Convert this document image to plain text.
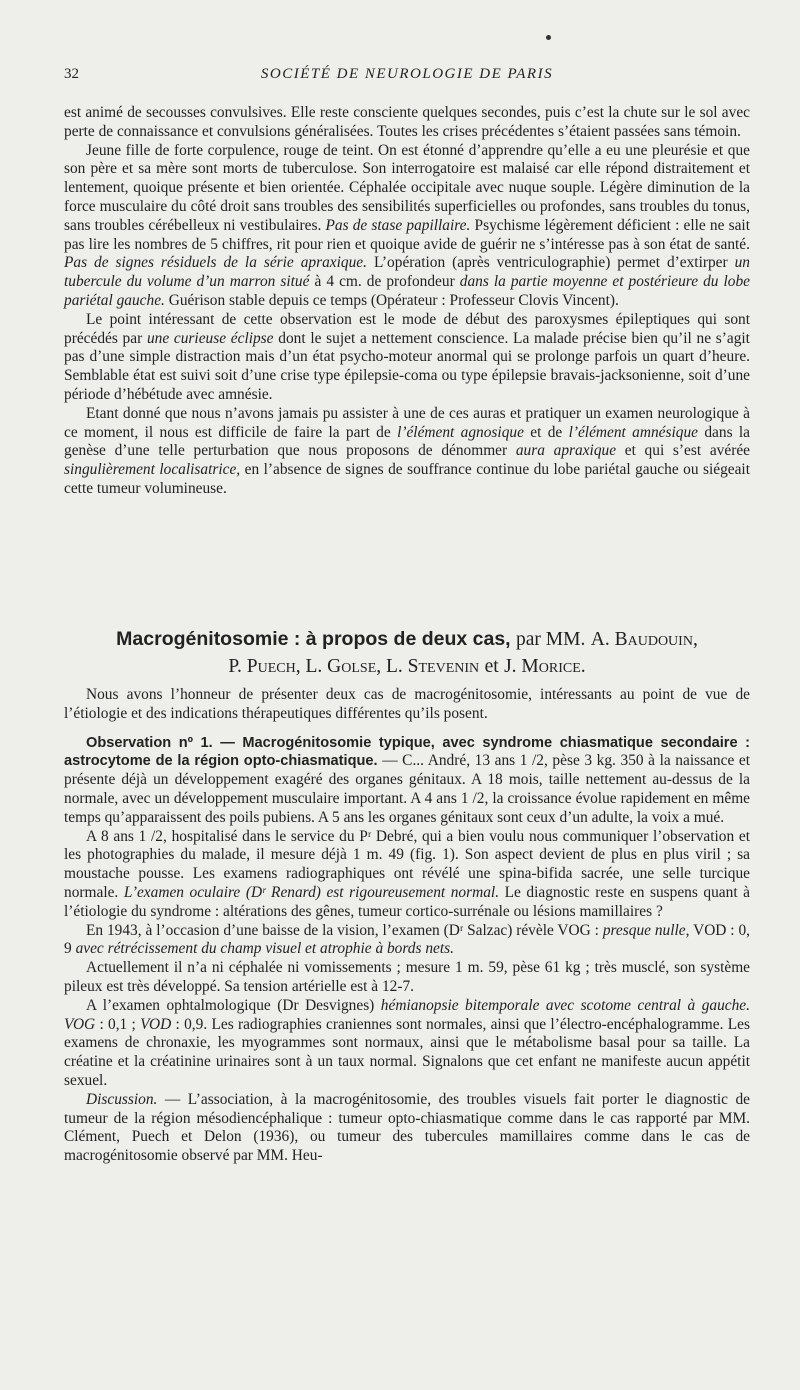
32	SOCIÉTÉ DE NEUROLOGIE DE PARIS

est animé de secousses convulsives. Elle reste consciente quelques secondes, puis c’est la chute sur le sol avec perte de connaissance et convulsions généralisées. Toutes les crises précédentes s’étaient passées sans témoin.

Jeune fille de forte corpulence, rouge de teint. On est étonné d’apprendre qu’elle a eu une pleurésie et que son père et sa mère sont morts de tuberculose. Son interrogatoire est malaisé car elle répond distraitement et lentement, quoique présente et bien orientée. Céphalée occipitale avec nuque souple. Légère diminution de la force musculaire du côté droit sans troubles des sensibilités superficielles ou profondes, sans troubles du tonus, sans troubles cérébelleux ni vestibulaires. Pas de stase papillaire. Psychisme légèrement déficient : elle ne sait pas lire les nombres de 5 chiffres, rit pour rien et quoique avide de guérir ne s’intéresse pas à son état de santé. Pas de signes résiduels de la série apraxique. L’opération (après ventriculographie) permet d’extirper un tubercule du volume d’un marron situé à 4 cm. de profondeur dans la partie moyenne et postérieure du lobe pariétal gauche. Guérison stable depuis ce temps (Opérateur : Professeur Clovis Vincent).

Le point intéressant de cette observation est le mode de début des paroxysmes épileptiques qui sont précédés par une curieuse éclipse dont le sujet a nettement conscience. La malade précise bien qu’il ne s’agit pas d’une simple distraction mais d’un état psycho-moteur anormal qui se prolonge parfois un quart d’heure. Semblable état est suivi soit d’une crise type épilepsie-coma ou type épilepsie bravais-jacksonienne, soit d’une période d’hébétude avec amnésie.

Etant donné que nous n’avons jamais pu assister à une de ces auras et pratiquer un examen neurologique à ce moment, il nous est difficile de faire la part de l’élément agnosique et de l’élément amnésique dans la genèse d’une telle perturbation que nous proposons de dénommer aura apraxique et qui s’est avérée singulièrement localisatrice, en l’absence de signes de souffrance continue du lobe pariétal gauche ou siégeait cette tumeur volumineuse.

Macrogénitosomie : à propos de deux cas, par MM. A. Baudouin,
P. Puech, L. Golse, L. Stevenin et J. Morice.

Nous avons l’honneur de présenter deux cas de macrogénitosomie, intéressants au point de vue de l’étiologie et des indications thérapeutiques différentes qu’ils posent.

Observation nº 1. — Macrogénitosomie typique, avec syndrome chiasmatique secondaire : astrocytome de la région opto-chiasmatique. — C... André, 13 ans 1 /2, pèse 3 kg. 350 à la naissance et présente déjà un développement exagéré des organes génitaux. A 18 mois, taille nettement au-dessus de la normale, avec un développement musculaire important. A 4 ans 1 /2, la croissance évolue rapidement en même temps qu’apparaissent des poils pubiens. A 5 ans les organes génitaux sont ceux d’un adulte, la voix a mué.

A 8 ans 1 /2, hospitalisé dans le service du Pʳ Debré, qui a bien voulu nous communiquer l’observation et les photographies du malade, il mesure déjà 1 m. 49 (fig. 1). Son aspect devient de plus en plus viril ; sa moustache pousse. Les examens radiographiques ont révélé une spina-bifida sacrée, une selle turcique normale. L’examen oculaire (Dʳ Renard) est rigoureusement normal. Le diagnostic reste en suspens quant à l’étiologie du syndrome : altérations des gênes, tumeur cortico-surrénale ou lésions mamillaires ?

En 1943, à l’occasion d’une baisse de la vision, l’examen (Dʳ Salzac) révèle VOG : presque nulle, VOD : 0, 9 avec rétrécissement du champ visuel et atrophie à bords nets.

Actuellement il n’a ni céphalée ni vomissements ; mesure 1 m. 59, pèse 61 kg ; très musclé, son système pileux est très développé. Sa tension artérielle est à 12-7.

A l’examen ophtalmologique (Dr Desvignes) hémianopsie bitemporale avec scotome central à gauche. VOG : 0,1 ; VOD : 0,9. Les radiographies craniennes sont normales, ainsi que l’électro-encéphalogramme. Les examens de chronaxie, les myogrammes sont normaux, ainsi que le métabolisme basal pour sa taille. La créatine et la créatinine urinaires sont à un taux normal. Signalons que cet enfant ne manifeste aucun appétit sexuel.

Discussion. — L’association, à la macrogénitosomie, des troubles visuels fait porter le diagnostic de tumeur de la région mésodiencéphalique : tumeur opto-chiasmatique comme dans le cas rapporté par MM. Clément, Puech et Delon (1936), ou tumeur des tubercules mamillaires comme dans le cas de macrogénitosomie observé par MM. Heu-
